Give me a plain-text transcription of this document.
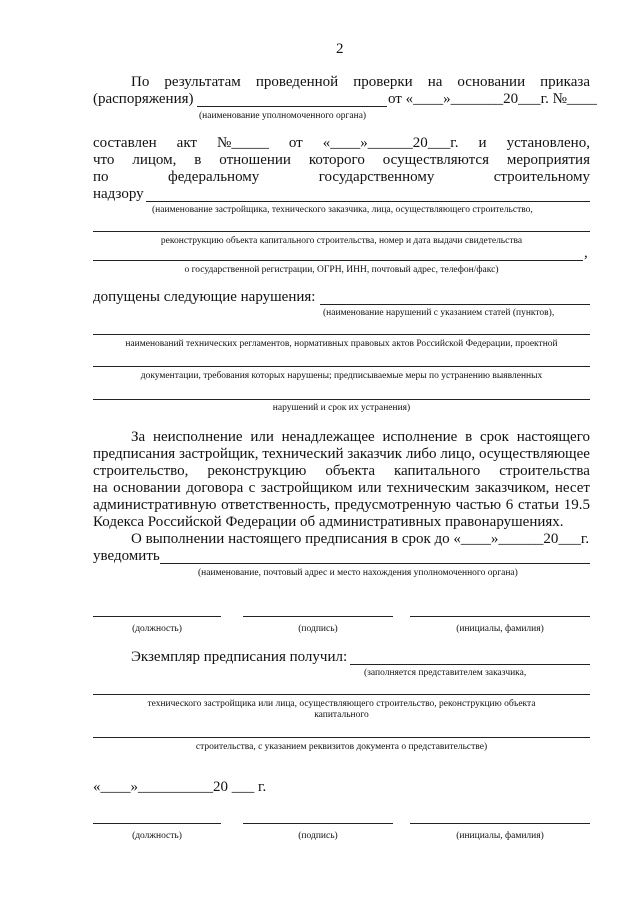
2
По результатам проведенной проверки на основании приказа
(распоряжения)	от «____»_______20___г. №____
(наименование уполномоченного органа)
составлен акт №_____ от «____»______20___г. и установлено,
что лицом, в отношении которого осуществляются мероприятия
по	федеральному	государственному	строительному
надзору
(наименование застройщика, технического заказчика, лица, осуществляющего строительство,
реконструкцию объекта капитального строительства, номер и дата выдачи свидетельства
,
о государственной регистрации, ОГРН, ИНН, почтовый адрес, телефон/факс)
допущены следующие нарушения:
(наименование нарушений с указанием статей (пунктов),
наименований технических регламентов, нормативных правовых актов Российской Федерации, проектной
документации, требования которых нарушены; предписываемые меры по устранению выявленных
нарушений и срок их устранения)
За неисполнение или ненадлежащее исполнение в срок настоящего
предписания застройщик, технический заказчик либо лицо, осуществляющее
строительство, реконструкцию объекта капитального строительства
на основании договора с застройщиком или техническим заказчиком, несет
административную ответственность, предусмотренную частью 6 статьи 19.5
Кодекса Российской Федерации об административных правонарушениях.
О выполнении настоящего предписания в срок до «____»______20___г.
уведомить
(наименование, почтовый адрес и место нахождения уполномоченного органа)
(должность)	(подпись)	(инициалы, фамилия)
Экземпляр предписания получил:
(заполняется представителем заказчика,
технического застройщика или лица, осуществляющего строительство, реконструкцию объекта
капитального
строительства, с указанием реквизитов документа о представительстве)
«____»__________20 ___ г.
(должность)	(подпись)	(инициалы, фамилия)
